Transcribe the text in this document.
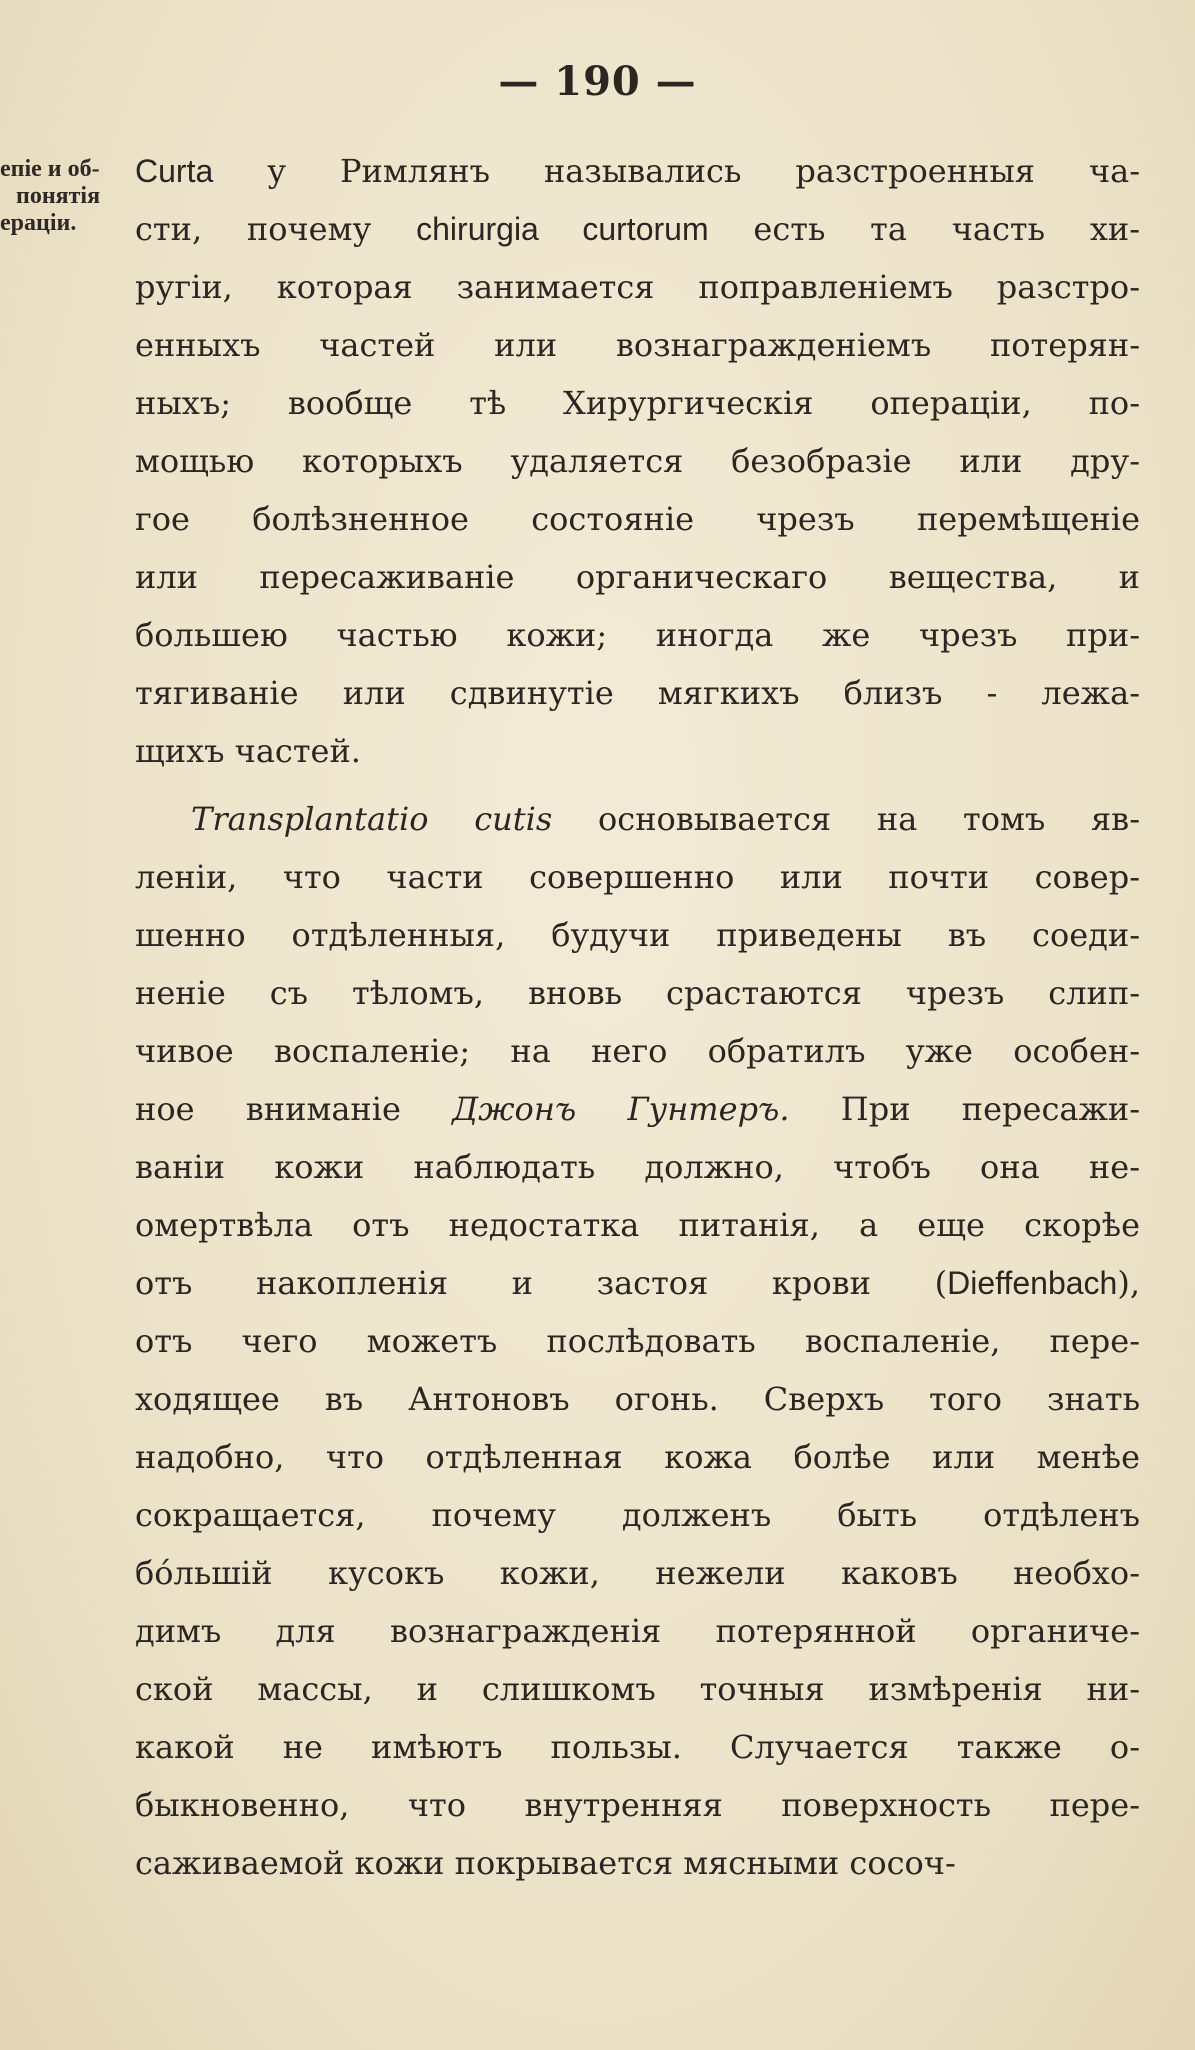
— 190 —
епіе и об-
понятія
ераціи.
Curta у Римлянъ назывались разстроенныя ча-
сти, почему chirurgia curtorum есть та часть хи-
ругіи, которая занимается поправленіемъ разстро-
енныхъ частей или вознагражденіемъ потерян-
ныхъ; вообще тѣ Хирургическія операціи, по-
мощью которыхъ удаляется безобразіе или дру-
гое болѣзненное состояніе чрезъ перемѣщеніе
или пересаживаніе органическаго вещества, и
большею частью кожи; иногда же чрезъ при-
тягиваніе или сдвинутіе мягкихъ близъ - лежа-
щихъ частей.
Transplantatio cutis основывается на томъ яв-
леніи, что части совершенно или почти совер-
шенно отдѣленныя, будучи приведены въ соеди-
неніе съ тѣломъ, вновь срастаются чрезъ слип-
чивое воспаленіе; на него обратилъ уже особен-
ное вниманіе Джонъ Гунтеръ. При пересажи-
ваніи кожи наблюдать должно, чтобъ она не-
омертвѣла отъ недостатка питанія, а еще скорѣе
отъ накопленія и застоя крови (Dieffenbach),
отъ чего можетъ послѣдовать воспаленіе, пере-
ходящее въ Антоновъ огонь. Сверхъ того знать
надобно, что отдѣленная кожа болѣе или менѣе
сокращается, почему долженъ быть отдѣленъ
бо́льшій кусокъ кожи, нежели каковъ необхо-
димъ для вознагражденія потерянной органиче-
ской массы, и слишкомъ точныя измѣренія ни-
какой не имѣютъ пользы. Случается также о-
быкновенно, что внутренняя поверхность пере-
саживаемой кожи покрывается мясными сосоч-
